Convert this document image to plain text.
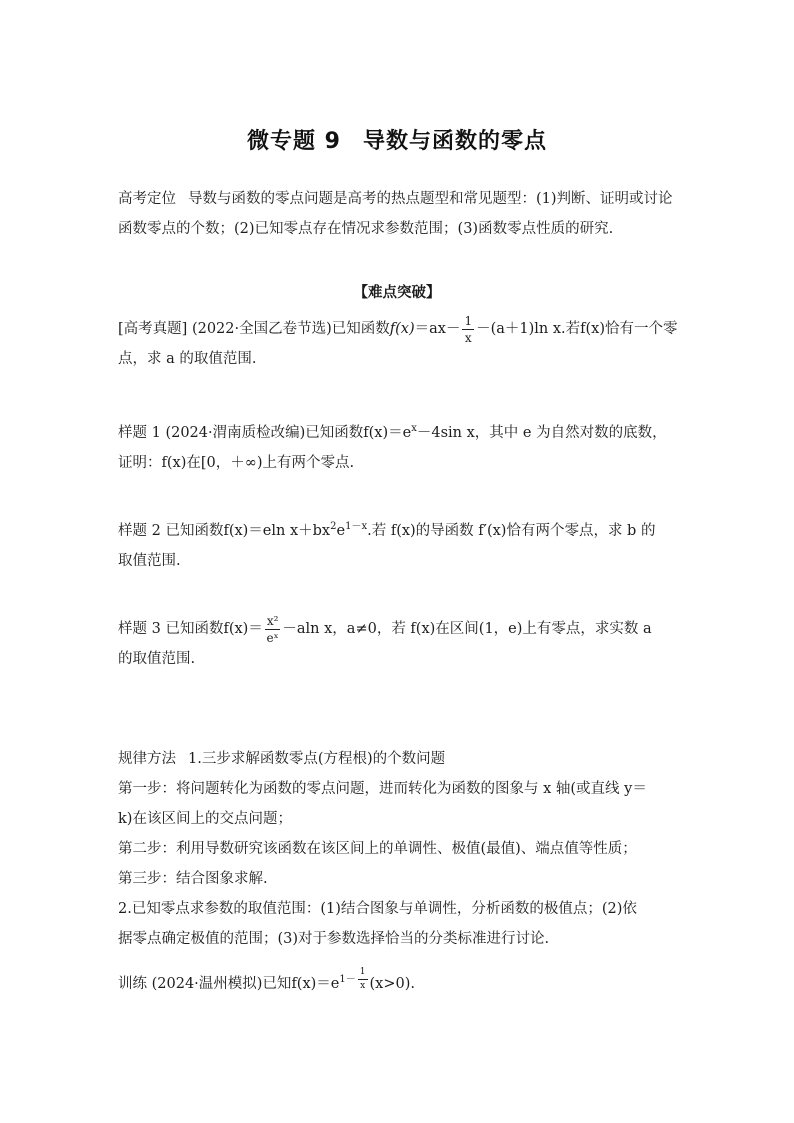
微专题 9 导数与函数的零点
高考定位 导数与函数的零点问题是高考的热点题型和常见题型：(1)判断、证明或讨论函数零点的个数；(2)已知零点存在情况求参数范围；(3)函数零点性质的研究.
【难点突破】
[高考真题] (2022·全国乙卷节选)已知函数$f(x)=ax- \frac{1}{x} -(a+1)\ln$ x.若f(x)恰有一个零点，求 a 的取值范围.
样题 1 (2024·渭南质检改编)已知函数$f(x)=e^x-4\sin$ x，其中 e 为自然对数的底数，
证明：f(x)在[0，＋∞)上有两个零点.
样题 2 已知函数f(x)＝eln $x+bx^2e^{1-x}$.若 f(x)的导函数 f′(x)恰有两个零点，求 b 的
取值范围.
样题 3 已知函数$f(x)= \frac{\text{x²}}{\text{eˣ}} -aln$ x，a≠0，若 f(x)在区间(1，e)上有零点，求实数 a
的取值范围.
规律方法 1.三步求解函数零点(方程根)的个数问题
第一步：将问题转化为函数的零点问题，进而转化为函数的图象与 x 轴(或直线 y＝
k)在该区间上的交点问题；
第二步：利用导数研究该函数在该区间上的单调性、极值(最值)、端点值等性质；
第三步：结合图象求解.
2.已知零点求参数的取值范围：(1)结合图象与单调性，分析函数的极值点；(2)依
据零点确定极值的范围；(3)对于参数选择恰当的分类标准进行讨论.
训练 (2024·温州模拟)已知$f(x)=e^{1- \frac{1}{x}}$ (x>0).
